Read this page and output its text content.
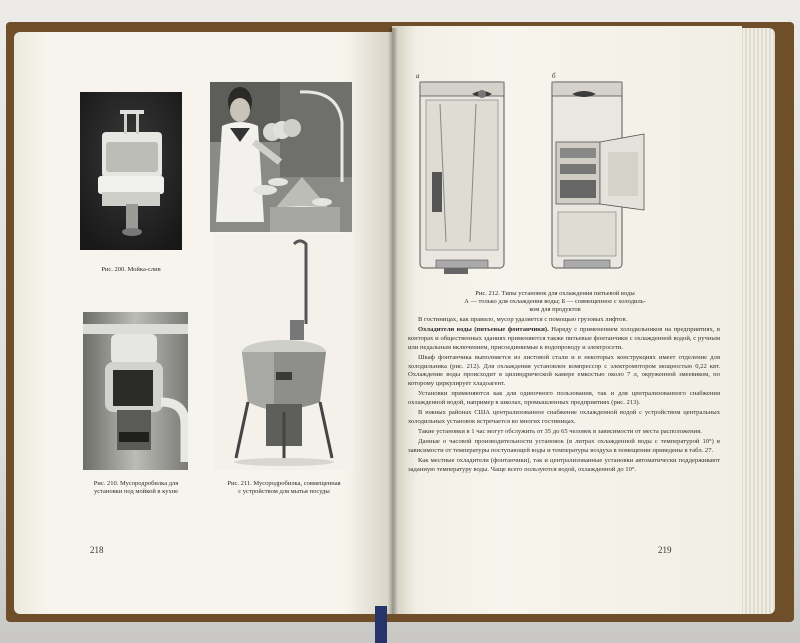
Рис. 200. Мойка-слив
Рис. 210. Мусородробилка для
установки под мойкой в кухне
Рис. 211. Мусородробилка, совмещенная
с устройством для мытья посуды
218
а	б
Рис. 212. Типы установок для охлаждения питьевой воды
А — только для охлаждения воды; Б — совмещенное с холодиль-
ком для продуктов

В гостиницах, как правило, мусор удаляется с помощью грузовых лифтов.

Охладители воды (питьевые фонтанчики). Наряду с применением холодильников на предприятиях, в конторах и общественных зданиях применяются также питьевые фонтанчики с охлажденной водой, с ручным или педальным включением, присоединяемые к водопроводу и электросети.

Шкаф фонтанчика выполняется из листовой стали и в некоторых конструкциях имеет отделение для холодильника (рис. 212). Для охлаждения установлен компрессор с электромотором мощностью 0,22 квт. Охлаждение воды происходит в цилиндрической камере емкостью около 7 л, окруженной змеевиком, по которому циркулирует хладоагент.

Установки применяются как для одиночного пользования, так и для централизованного снабжения охлажденной водой, например в школах, промышленных предприятиях (рис. 213).

В южных районах США централизованное снабжение охлажденной водой с устройством центральных холодильных установок встречается во многих гостиницах.

Такие установки в 1 час могут обслужить от 35 до 65 человек в зависимости от места расположения.

Данные о часовой производительности установок (в литрах охлажденной воды с температурой 10°) в зависимости от температуры поступающей воды и температуры воздуха в помещении приведены в табл. 27.

Как местные охладители (фонтанчики), так и централизованные установки автоматически поддерживают заданную температуру воды. Чаще всего пользуются водой, охлажденной до 10°.

219
